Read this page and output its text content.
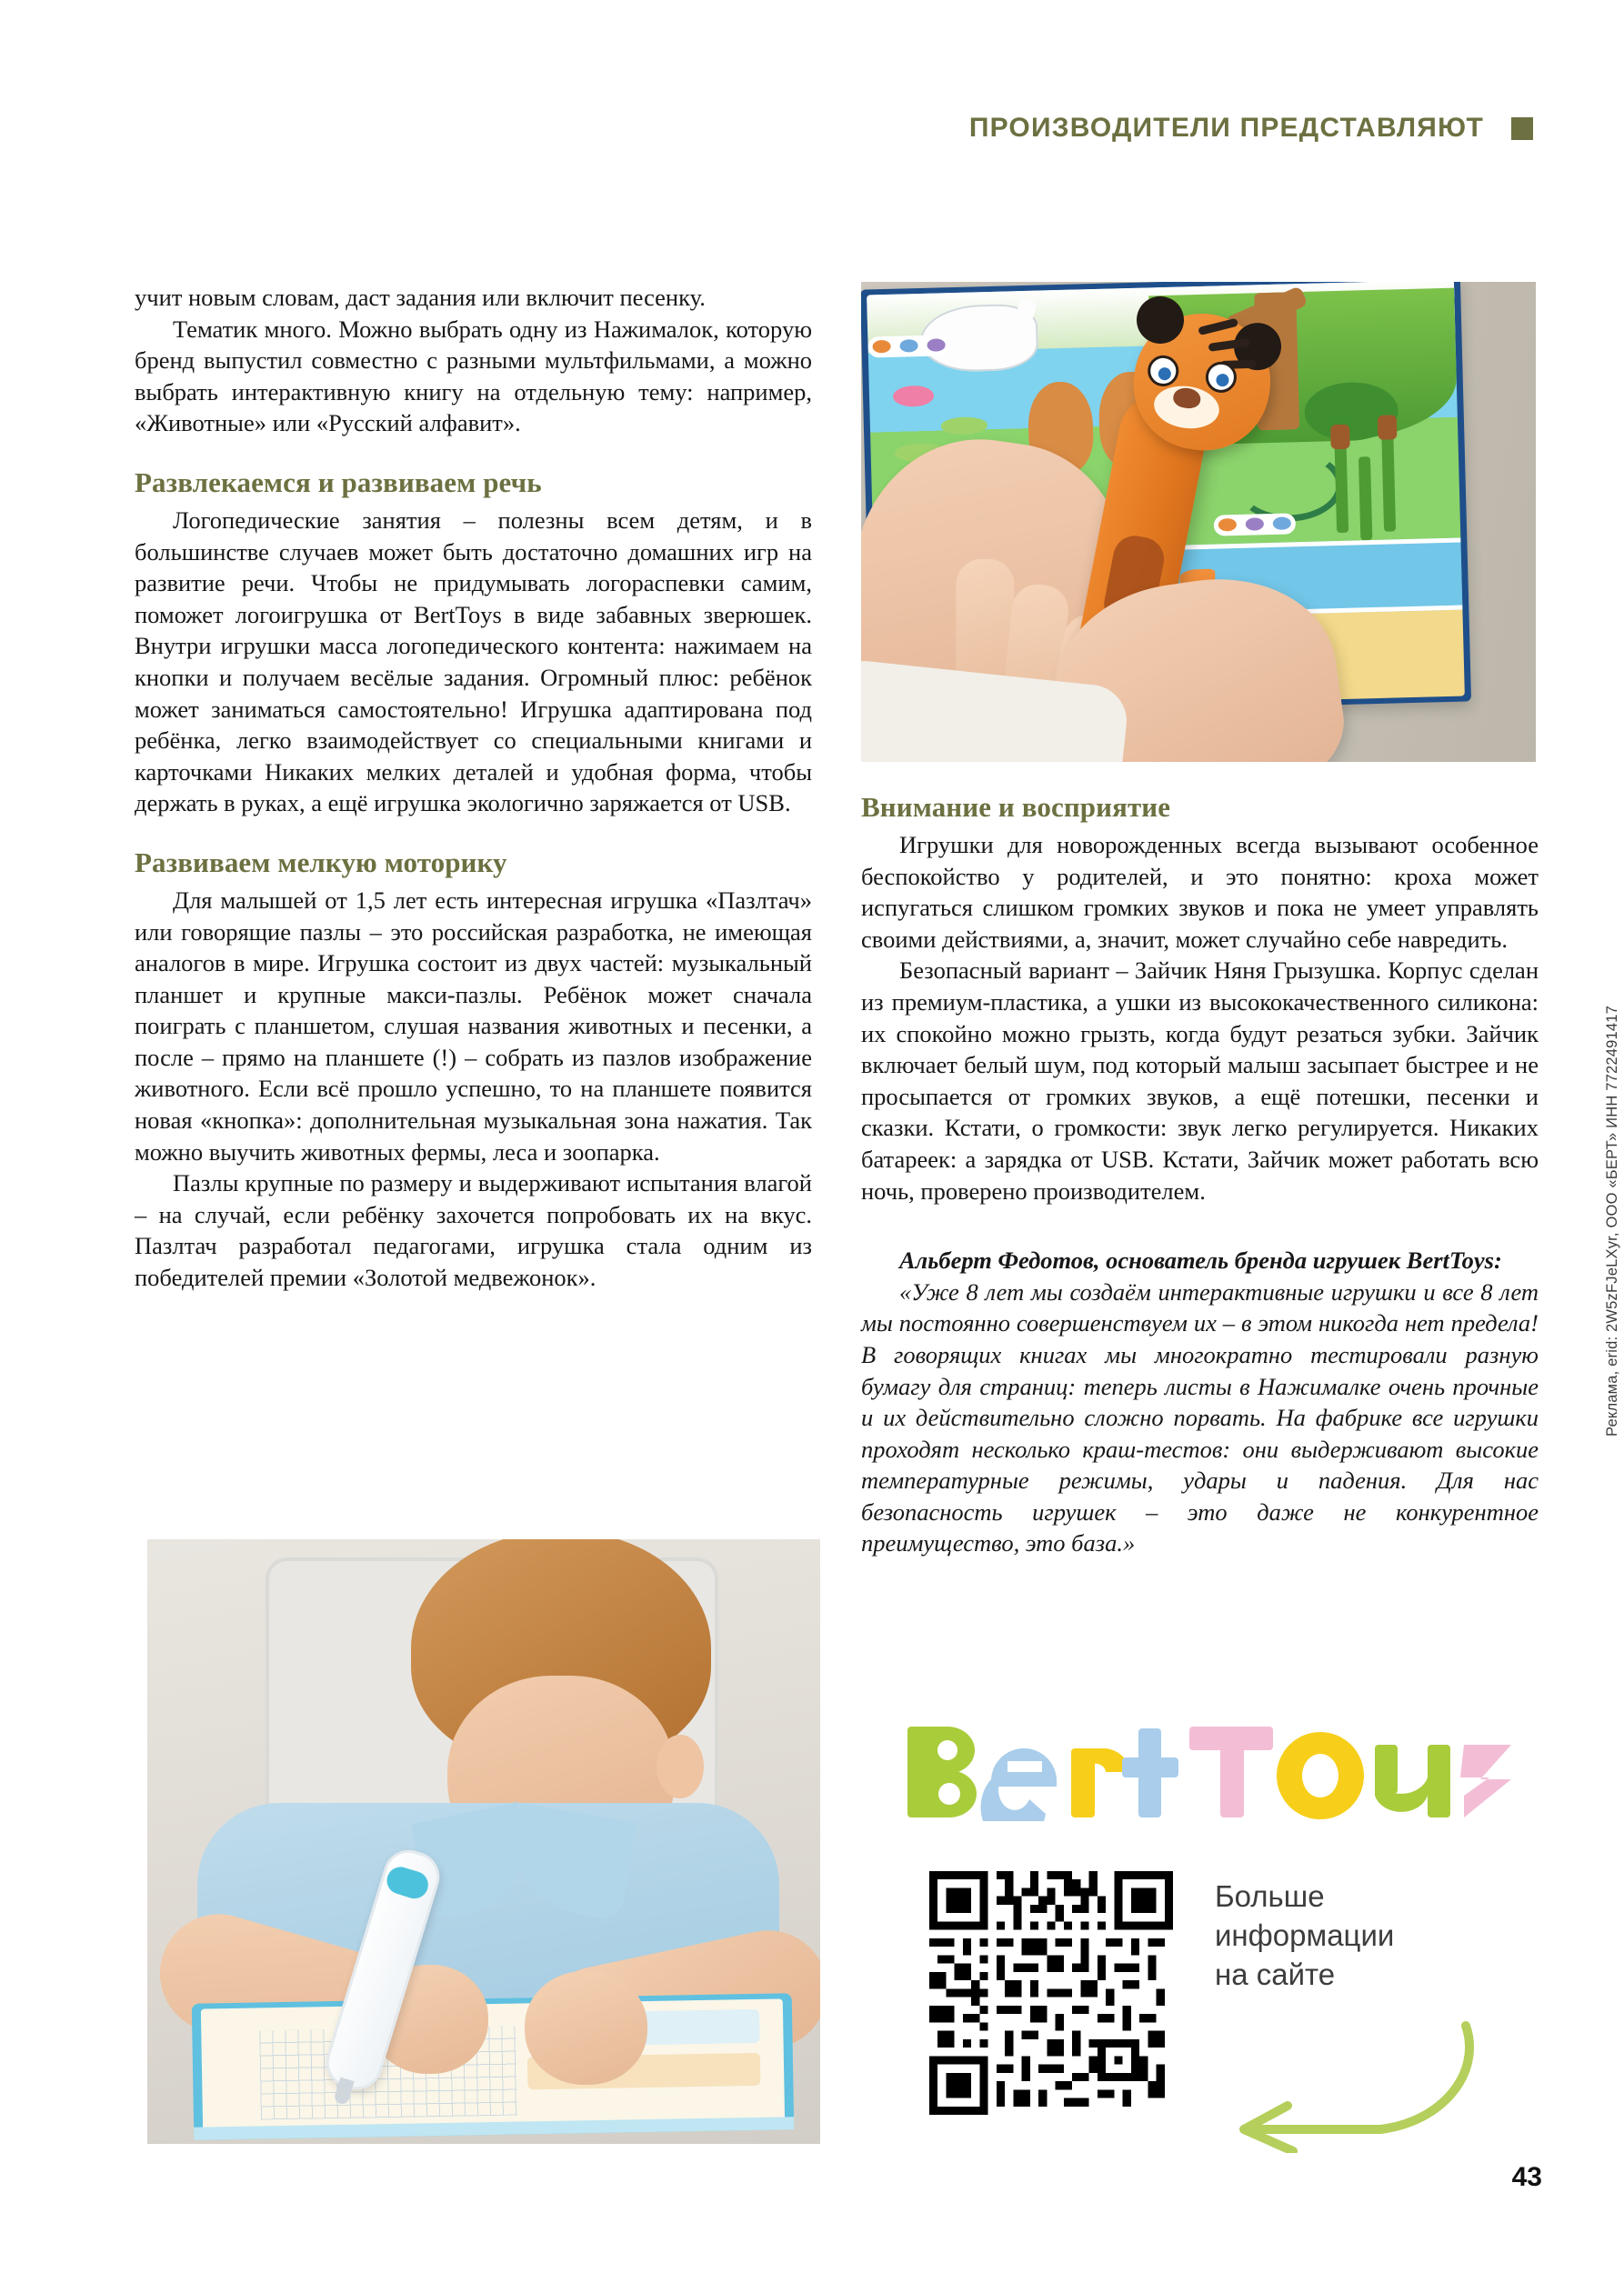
ПРОИЗВОДИТЕЛИ ПРЕДСТАВЛЯЮТ
Реклама, erid: 2W5zFJeLXyr, ООО «БЕРТ» ИНН 7722491417

учит новым словам, даст задания или включит песенку.

Тематик много. Можно выбрать одну из Нажималок, которую бренд выпустил совместно с разными мультфильмами, а можно выбрать интерактивную книгу на отдельную тему: например, «Животные» или «Русский алфавит».

Развлекаемся и развиваем речь

Логопедические занятия – полезны всем детям, и в большинстве случаев может быть достаточно домашних игр на развитие речи. Чтобы не придумывать логораспевки самим, поможет логоигрушка от BertToys в виде забавных зверюшек. Внутри игрушки масса логопедического контента: нажимаем на кнопки и получаем весёлые задания. Огромный плюс: ребёнок может заниматься самостоятельно! Игрушка адаптирована под ребёнка, легко взаимодействует со специальными книгами и карточками Никаких мелких деталей и удобная форма, чтобы держать в руках, а ещё игрушка экологично заряжается от USB.

Развиваем мелкую моторику

Для малышей от 1,5 лет есть интересная игрушка «Пазлтач» или говорящие пазлы – это российская разработка, не имеющая аналогов в мире. Игрушка состоит из двух частей: музыкальный планшет и крупные макси-пазлы. Ребёнок может сначала поиграть с планшетом, слушая названия животных и песенки, а после – прямо на планшете (!) – собрать из пазлов изображение животного. Если всё прошло успешно, то на планшете появится новая «кнопка»: дополнительная музыкальная зона нажатия. Так можно выучить животных фермы, леса и зоопарка.

Пазлы крупные по размеру и выдерживают испытания влагой – на случай, если ребёнку захочется попробовать их на вкус. Пазлтач разработал педагогами, игрушка стала одним из победителей премии «Золотой медвежонок».

Внимание и восприятие

Игрушки для новорожденных всегда вызывают особенное беспокойство у родителей, и это понятно: кроха может испугаться слишком громких звуков и пока не умеет управлять своими действиями, а, значит, может случайно себе навредить.

Безопасный вариант – Зайчик Няня Грызушка. Корпус сделан из премиум-пластика, а ушки из высококачественного силикона: их спокойно можно грызть, когда будут резаться зубки. Зайчик включает белый шум, под который малыш засыпает быстрее и не просыпается от громких звуков, а ещё потешки, песенки и сказки. Кстати, о громкости: звук легко регулируется. Никаких батареек: а зарядка от USB. Кстати, Зайчик может работать всю ночь, проверено производителем.

Альберт Федотов, основатель бренда игрушек BertToys:

«Уже 8 лет мы создаём интерактивные игрушки и все 8 лет мы постоянно совершенствуем их – в этом никогда нет предела! В говорящих книгах мы многократно тестировали разную бумагу для страниц: теперь листы в Нажималке очень прочные и их действительно сложно порвать. На фабрике все игрушки проходят несколько краш-тестов: они выдерживают высокие температурные режимы, удары и падения. Для нас безопасность игрушек – это даже не конкурентное преимущество, это база.»

Больше
информации
на сайте
43
